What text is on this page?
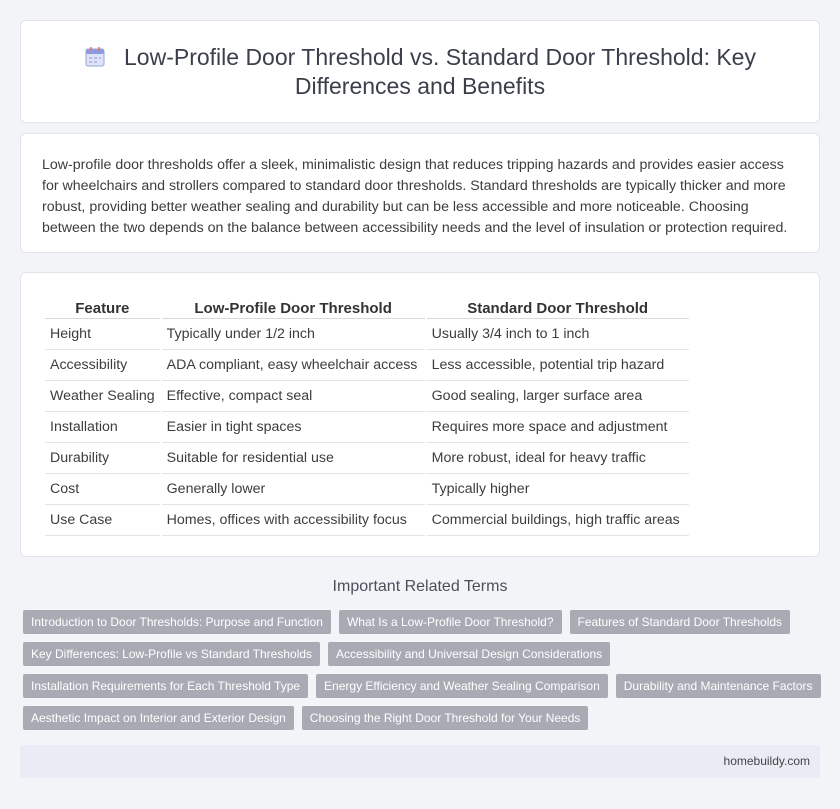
Low-Profile Door Threshold vs. Standard Door Threshold: Key Differences and Benefits

Low-profile door thresholds offer a sleek, minimalistic design that reduces tripping hazards and provides easier access for wheelchairs and strollers compared to standard door thresholds. Standard thresholds are typically thicker and more robust, providing better weather sealing and durability but can be less accessible and more noticeable. Choosing between the two depends on the balance between accessibility needs and the level of insulation or protection required.

Feature	Low-Profile Door Threshold	Standard Door Threshold
Height	Typically under 1/2 inch	Usually 3/4 inch to 1 inch
Accessibility	ADA compliant, easy wheelchair access	Less accessible, potential trip hazard
Weather Sealing	Effective, compact seal	Good sealing, larger surface area
Installation	Easier in tight spaces	Requires more space and adjustment
Durability	Suitable for residential use	More robust, ideal for heavy traffic
Cost	Generally lower	Typically higher
Use Case	Homes, offices with accessibility focus	Commercial buildings, high traffic areas
Important Related Terms
Introduction to Door Thresholds: Purpose and Function	What Is a Low-Profile Door Threshold?	Features of Standard Door Thresholds
Key Differences: Low-Profile vs Standard Thresholds	Accessibility and Universal Design Considerations
Installation Requirements for Each Threshold Type	Energy Efficiency and Weather Sealing Comparison	Durability and Maintenance Factors
Aesthetic Impact on Interior and Exterior Design	Choosing the Right Door Threshold for Your Needs
homebuildy.com
